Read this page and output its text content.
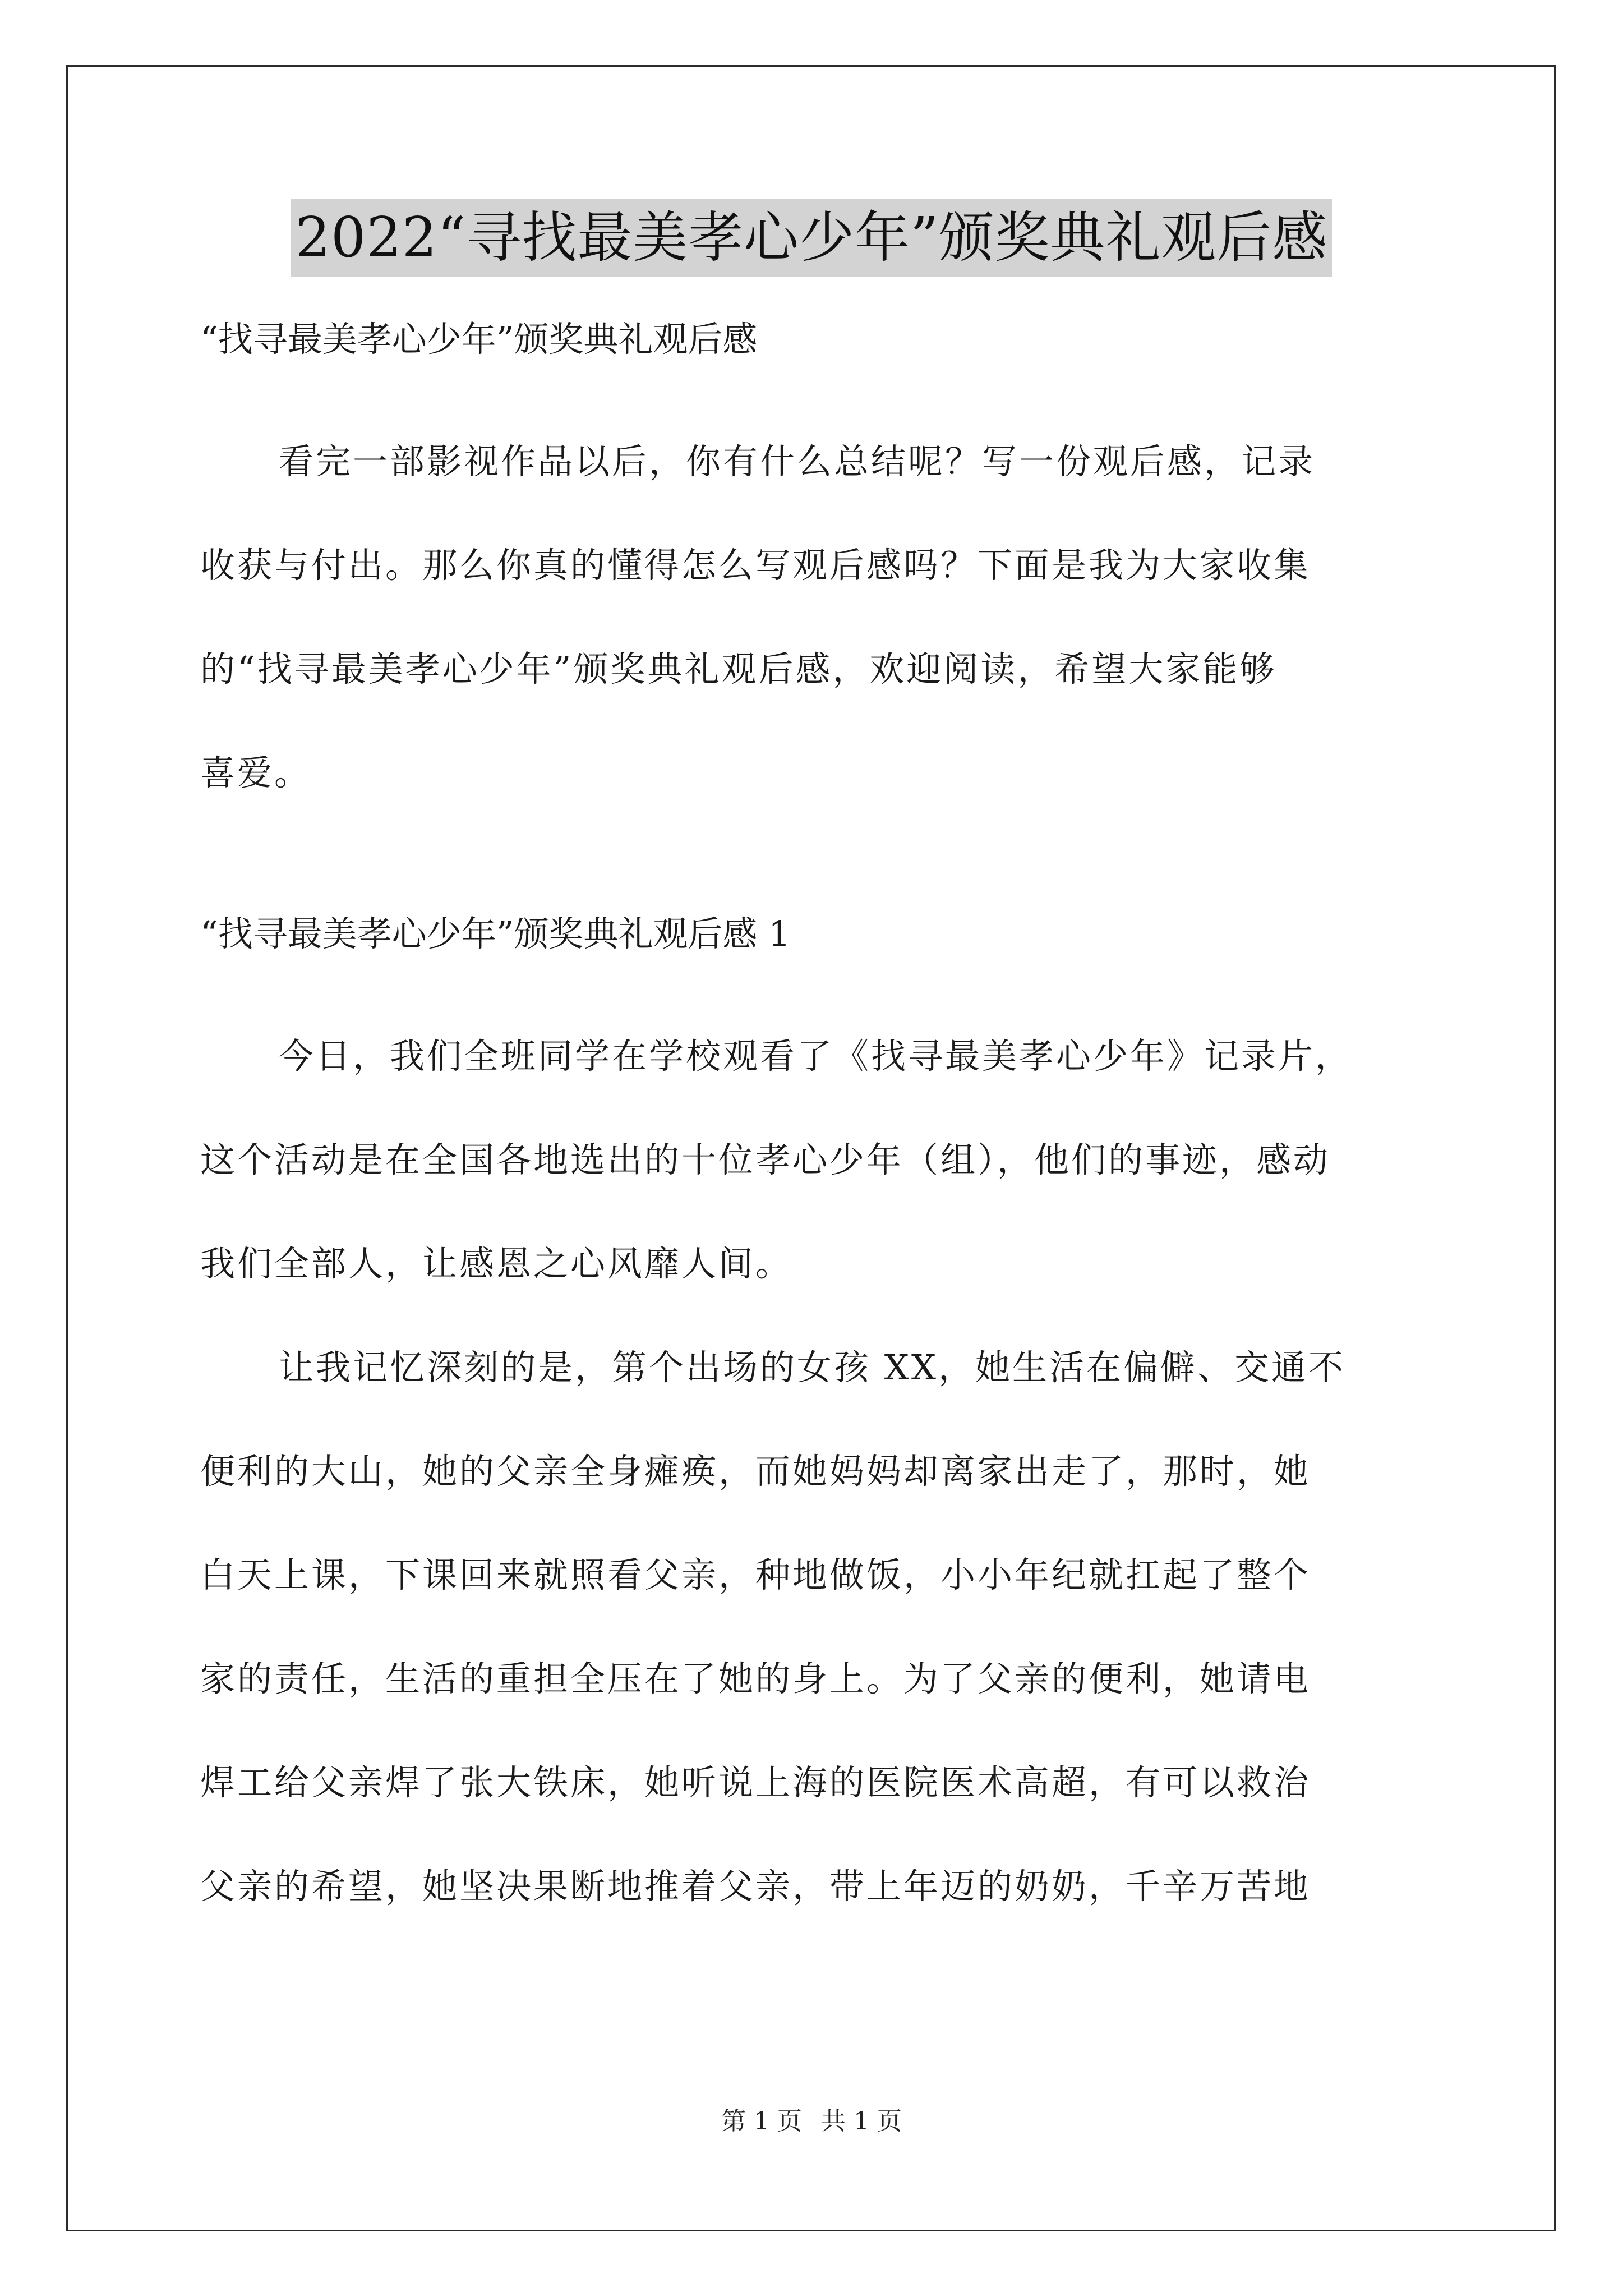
2022“寻找最美孝心少年”颁奖典礼观后感

“找寻最美孝心少年”颁奖典礼观后感

看完一部影视作品以后，你有什么总结呢？写一份观后感，记录
收获与付出。那么你真的懂得怎么写观后感吗？下面是我为大家收集
的“找寻最美孝心少年”颁奖典礼观后感，欢迎阅读，希望大家能够
喜爱。

“找寻最美孝心少年”颁奖典礼观后感 1

今日，我们全班同学在学校观看了《找寻最美孝心少年》记录片，
这个活动是在全国各地选出的十位孝心少年（组），他们的事迹，感动
我们全部人，让感恩之心风靡人间。
让我记忆深刻的是，第个出场的女孩 XX，她生活在偏僻、交通不
便利的大山，她的父亲全身瘫痪，而她妈妈却离家出走了，那时，她
白天上课，下课回来就照看父亲，种地做饭，小小年纪就扛起了整个
家的责任，生活的重担全压在了她的身上。为了父亲的便利，她请电
焊工给父亲焊了张大铁床，她听说上海的医院医术高超，有可以救治
父亲的希望，她坚决果断地推着父亲，带上年迈的奶奶，千辛万苦地
第 1 页 共 1 页
